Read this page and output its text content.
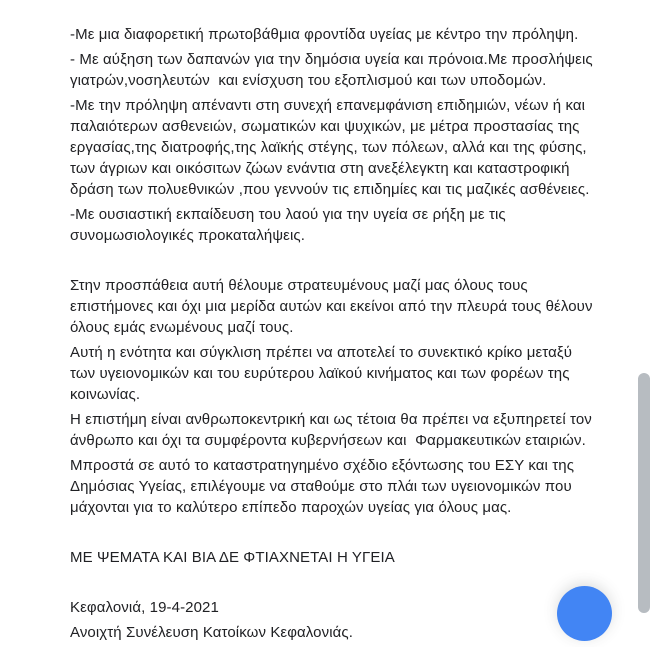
-Με μια διαφορετική πρωτοβάθμια φροντίδα υγείας με κέντρο την πρόληψη.

- Με αύξηση των δαπανών για την δημόσια υγεία και πρόνοια.Με προσλήψεις γιατρών,νοσηλευτών  και ενίσχυση του εξοπλισμού και των υποδομών.

-Με την πρόληψη απέναντι στη συνεχή επανεμφάνιση επιδημιών, νέων ή και παλαιότερων ασθενειών, σωματικών και ψυχικών, με μέτρα προστασίας της εργασίας,της διατροφής,της λαϊκής στέγης, των πόλεων, αλλά και της φύσης, των άγριων και οικόσιτων ζώων ενάντια στη ανεξέλεγκτη και καταστροφική δράση των πολυεθνικών ,που γεννούν τις επιδημίες και τις μαζικές ασθένειες.

-Με ουσιαστική εκπαίδευση του λαού για την υγεία σε ρήξη με τις συνομωσιολογικές προκαταλήψεις.

Στην προσπάθεια αυτή θέλουμε στρατευμένους μαζί μας όλους τους επιστήμονες και όχι μια μερίδα αυτών και εκείνοι από την πλευρά τους θέλουν όλους εμάς ενωμένους μαζί τους.

Αυτή η ενότητα και σύγκλιση πρέπει να αποτελεί το συνεκτικό κρίκο μεταξύ των υγειονομικών και του ευρύτερου λαϊκού κινήματος και των φορέων της κοινωνίας.

Η επιστήμη είναι ανθρωποκεντρική και ως τέτοια θα πρέπει να εξυπηρετεί τον άνθρωπο και όχι τα συμφέροντα κυβερνήσεων και  Φαρμακευτικών εταιριών.

Μπροστά σε αυτό το καταστρατηγημένο σχέδιο εξόντωσης του ΕΣΥ και της Δημόσιας Υγείας, επιλέγουμε να σταθούμε στο πλάι των υγειονομικών που μάχονται για το καλύτερο επίπεδο παροχών υγείας για όλους μας.

ΜΕ ΨΕΜΑΤΑ ΚΑΙ ΒΙΑ ΔΕ ΦΤΙΑΧΝΕΤΑΙ Η ΥΓΕΙΑ

Κεφαλονιά, 19-4-2021

Ανοιχτή Συνέλευση Κατοίκων Κεφαλονιάς.
